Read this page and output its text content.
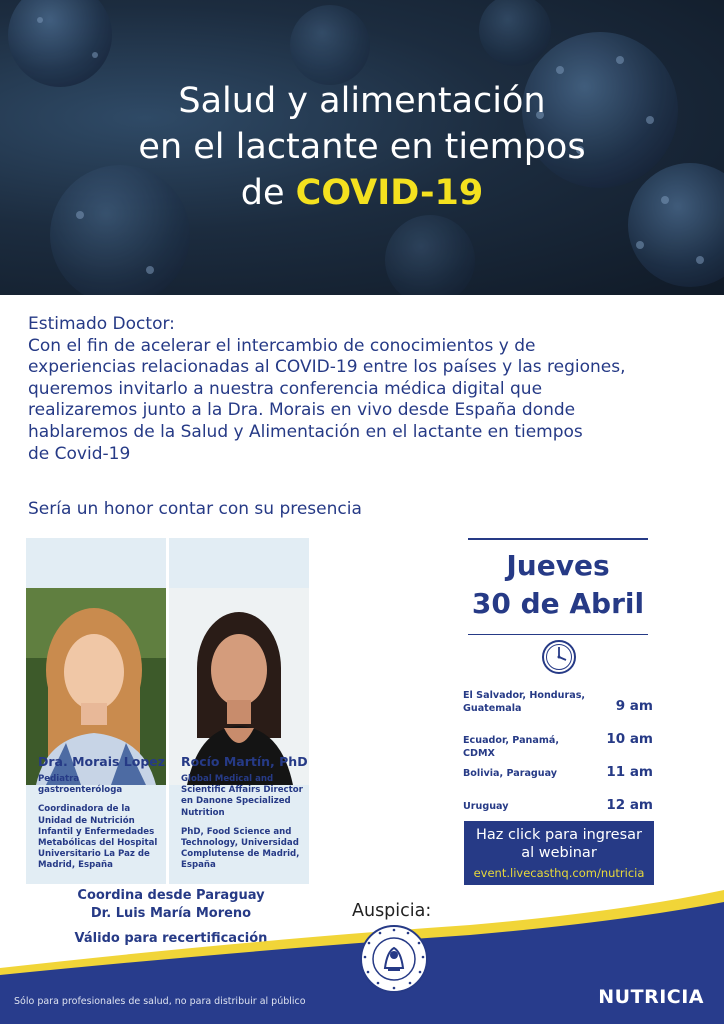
Salud y alimentación
en el lactante en tiempos
de COVID-19

Estimado Doctor:

Con el fin de acelerar el intercambio de conocimientos y de

experiencias relacionadas al COVID-19 entre los países y las regiones,

queremos invitarlo a nuestra conferencia médica digital que

realizaremos junto a la Dra. Morais en vivo desde España donde

hablaremos de la Salud y Alimentación en el lactante en tiempos

de Covid-19

Sería un honor contar con su presencia
Dra. Morais Lopez

Pediatra gastroenteróloga

Coordinadora de la Unidad de Nutrición Infantil y Enfermedades Metabólicas del Hospital Universitario La Paz de Madrid, España

Rocío Martín, PhD

Global Medical and Scientific Affairs Director en Danone Specialized Nutrition

PhD, Food Science and Technology, Universidad Complutense de Madrid, España

Coordina desde Paraguay
Dr. Luis María Moreno
Válido para recertificación
Jueves
30 de Abril
El Salvador, Honduras, Guatemala	9 am
Ecuador, Panamá, CDMX
10 am
Bolivia, Paraguay	11 am
Uruguay	12 am
Haz click para ingresar
al webinar
event.livecasthq.com/nutricia
Auspicia:
Sólo para profesionales de salud, no para distribuir al público	NUTRICIA
